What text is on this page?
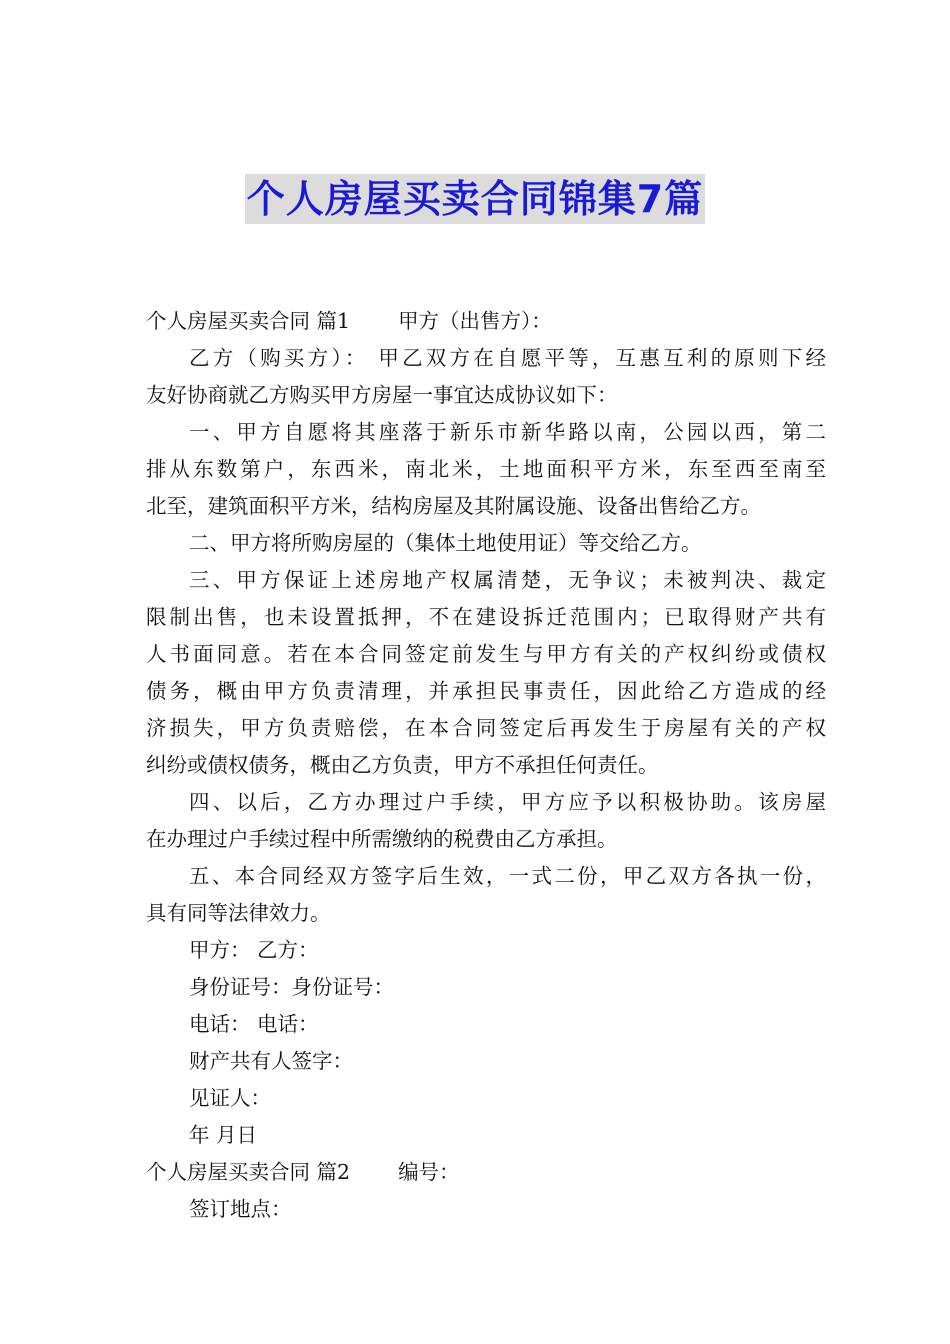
个人房屋买卖合同锦集7篇
个人房屋买卖合同 篇1 甲方（出售方）：
乙方（购买方）： 甲乙双方在自愿平等，互惠互利的原则下经
友好协商就乙方购买甲方房屋一事宜达成协议如下：
一、甲方自愿将其座落于新乐市新华路以南，公园以西，第二
排从东数第户，东西米，南北米，土地面积平方米，东至西至南至
北至，建筑面积平方米，结构房屋及其附属设施、设备出售给乙方。
二、甲方将所购房屋的（集体土地使用证）等交给乙方。
三、甲方保证上述房地产权属清楚，无争议；未被判决、裁定
限制出售，也未设置抵押，不在建设拆迁范围内；已取得财产共有
人书面同意。若在本合同签定前发生与甲方有关的产权纠纷或债权
债务，概由甲方负责清理，并承担民事责任，因此给乙方造成的经
济损失，甲方负责赔偿，在本合同签定后再发生于房屋有关的产权
纠纷或债权债务，概由乙方负责，甲方不承担任何责任。
四、以后，乙方办理过户手续，甲方应予以积极协助。该房屋
在办理过户手续过程中所需缴纳的税费由乙方承担。
五、本合同经双方签字后生效，一式二份，甲乙双方各执一份，
具有同等法律效力。
甲方： 乙方：
身份证号：身份证号：
电话： 电话：
财产共有人签字：
见证人：
年 月日
个人房屋买卖合同 篇2 编号：
签订地点：
